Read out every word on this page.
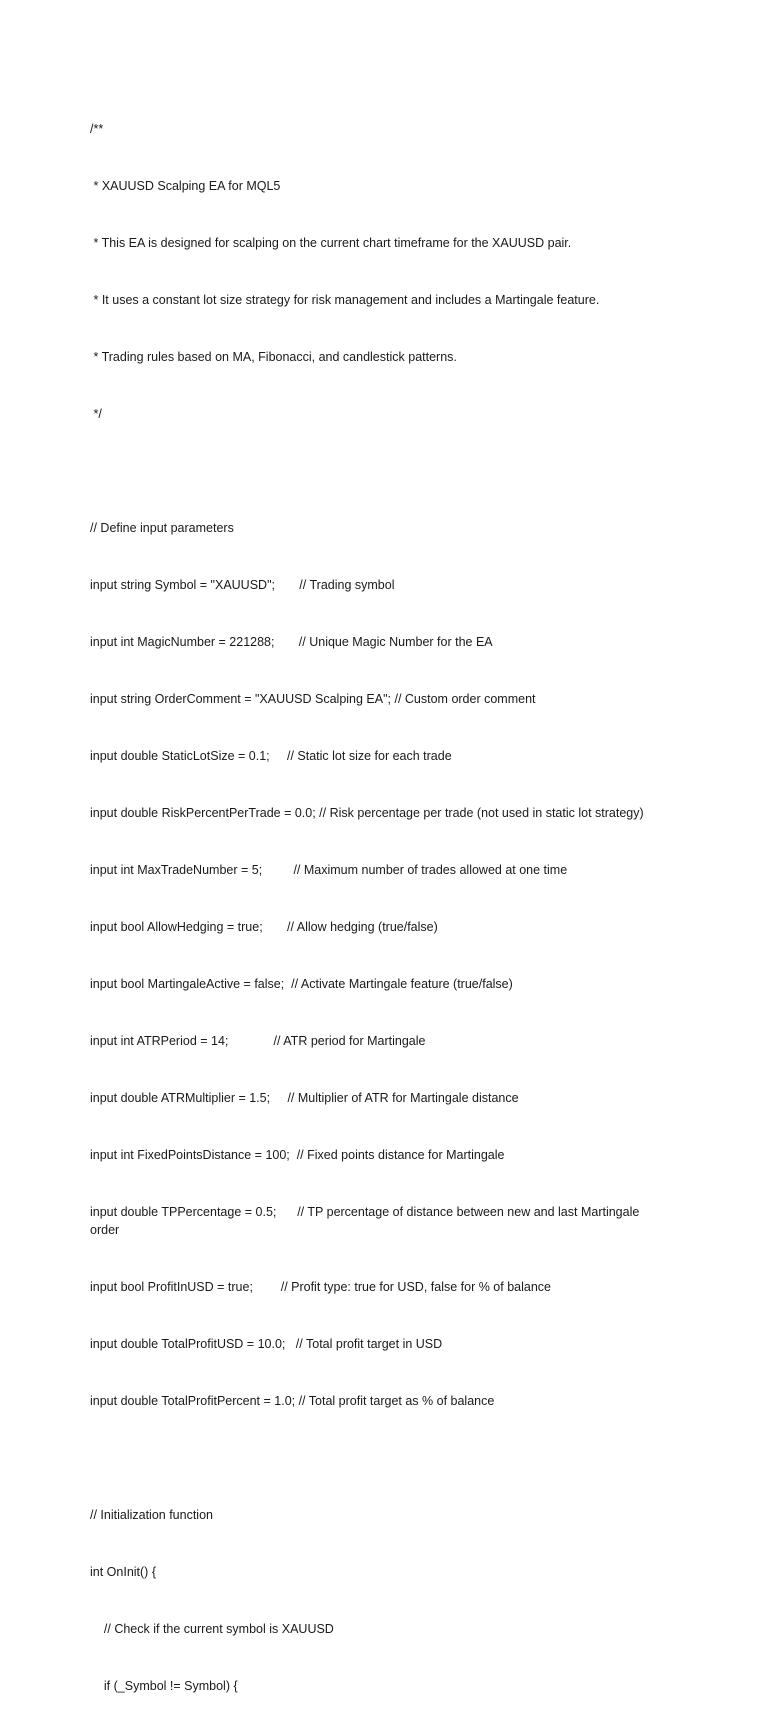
/**

* XAUUSD Scalping EA for MQL5

* This EA is designed for scalping on the current chart timeframe for the XAUUSD pair.

* It uses a constant lot size strategy for risk management and includes a Martingale feature.

* Trading rules based on MA, Fibonacci, and candlestick patterns.

*/

// Define input parameters

input string Symbol = "XAUUSD";       // Trading symbol

input int MagicNumber = 221288;       // Unique Magic Number for the EA

input string OrderComment = "XAUUSD Scalping EA"; // Custom order comment

input double StaticLotSize = 0.1;     // Static lot size for each trade

input double RiskPercentPerTrade = 0.0; // Risk percentage per trade (not used in static lot strategy)

input int MaxTradeNumber = 5;         // Maximum number of trades allowed at one time

input bool AllowHedging = true;       // Allow hedging (true/false)

input bool MartingaleActive = false;  // Activate Martingale feature (true/false)

input int ATRPeriod = 14;             // ATR period for Martingale

input double ATRMultiplier = 1.5;     // Multiplier of ATR for Martingale distance

input int FixedPointsDistance = 100;  // Fixed points distance for Martingale

input double TPPercentage = 0.5;      // TP percentage of distance between new and last Martingale order

input bool ProfitInUSD = true;        // Profit type: true for USD, false for % of balance

input double TotalProfitUSD = 10.0;   // Total profit target in USD

input double TotalProfitPercent = 1.0; // Total profit target as % of balance

// Initialization function

int OnInit() {

// Check if the current symbol is XAUUSD

if (_Symbol != Symbol) {
